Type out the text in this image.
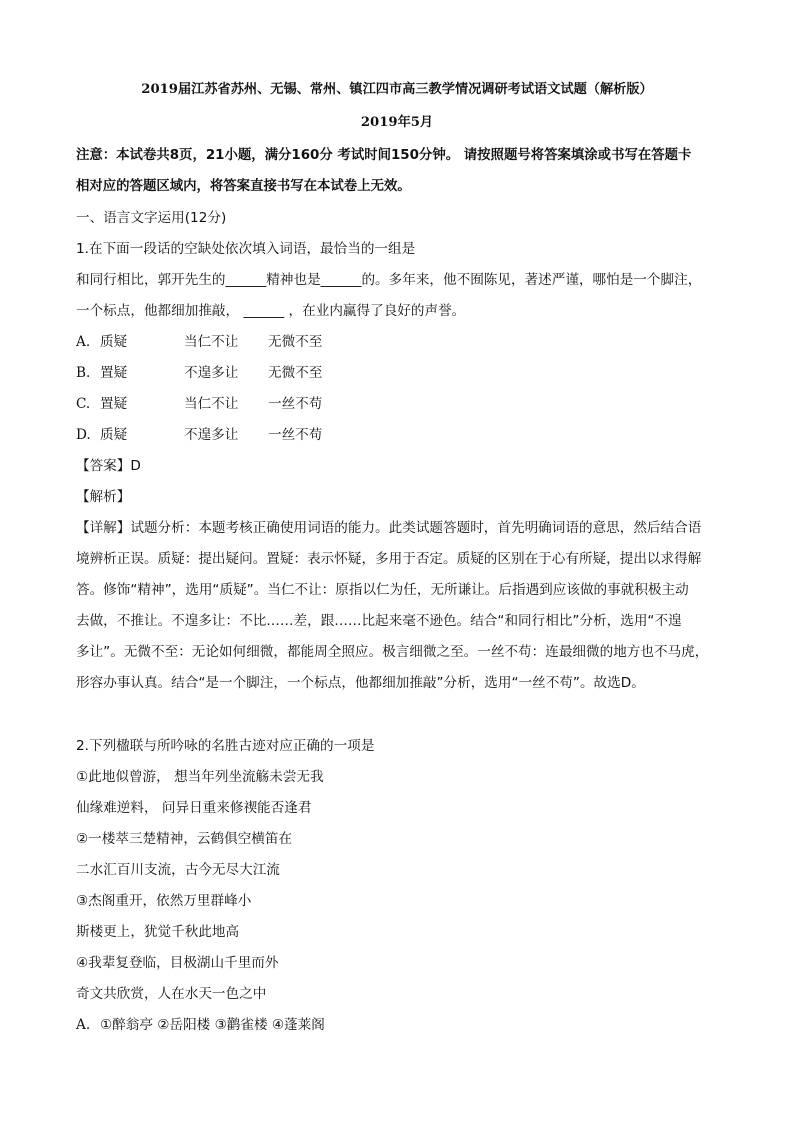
2019届江苏省苏州、无锡、常州、镇江四市高三教学情况调研考试语文试题（解析版）
2019年5月
注意：本试卷共8页，21小题，满分160分 考试时间150分钟。 请按照题号将答案填涂或书写在答题卡
相对应的答题区域内，将答案直接书写在本试卷上无效。
一、语言文字运用(12分)
1.在下面一段话的空缺处依次填入词语，最恰当的一组是
和同行相比，郭开先生的______精神也是______的。多年来，他不囿陈见，著述严谨，哪怕是一个脚注，
一个标点，他都细加推敲， ______ ，在业内赢得了良好的声誉。
A. 质疑	当仁不让 无微不至
B. 置疑	不遑多让 无微不至
C. 置疑	当仁不让 一丝不苟
D. 质疑	不遑多让 一丝不苟
【答案】D
【解析】
【详解】试题分析：本题考核正确使用词语的能力。此类试题答题时，首先明确词语的意思，然后结合语
境辨析正误。质疑：提出疑问。置疑：表示怀疑，多用于否定。质疑的区别在于心有所疑，提出以求得解
答。修饰“精神”，选用“质疑”。当仁不让：原指以仁为任，无所谦让。后指遇到应该做的事就积极主动
去做，不推让。不遑多让：不比……差，跟……比起来毫不逊色。结合“和同行相比”分析，选用“不遑
多让”。无微不至：无论如何细微，都能周全照应。极言细微之至。一丝不苟：连最细微的地方也不马虎，
形容办事认真。结合“是一个脚注，一个标点，他都细加推敲”分析，选用“一丝不苟”。故选D。
2.下列楹联与所吟咏的名胜古迹对应正确的一项是
①此地似曾游， 想当年列坐流觞未尝无我
仙缘难逆料， 问异日重来修禊能否逢君
②一楼萃三楚精神，云鹤俱空横笛在
二水汇百川支流，古今无尽大江流
③杰阁重开，依然万里群峰小
斯楼更上，犹觉千秋此地高
④我辈复登临，目极湖山千里而外
奇文共欣赏，人在水天一色之中
A. ①醉翁亭 ②岳阳楼 ③鹳雀楼 ④蓬莱阁
